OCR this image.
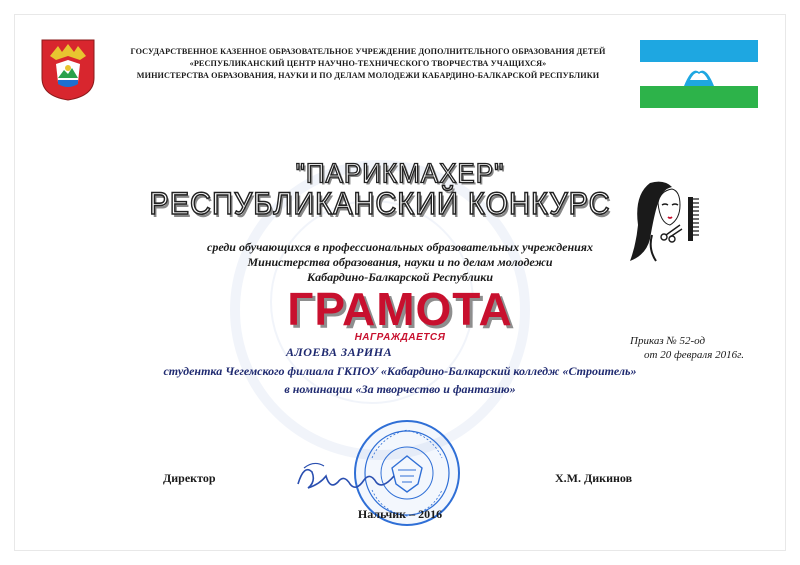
ГОСУДАРСТВЕННОЕ КАЗЕННОЕ ОБРАЗОВАТЕЛЬНОЕ УЧРЕЖДЕНИЕ ДОПОЛНИТЕЛЬНОГО ОБРАЗОВАНИЯ ДЕТЕЙ
«РЕСПУБЛИКАНСКИЙ ЦЕНТР НАУЧНО-ТЕХНИЧЕСКОГО ТВОРЧЕСТВА УЧАЩИХСЯ»
МИНИСТЕРСТВА ОБРАЗОВАНИЯ, НАУКИ И ПО ДЕЛАМ МОЛОДЕЖИ КАБАРДИНО-БАЛКАРСКОЙ РЕСПУБЛИКИ
"ПАРИКМАХЕР"
РЕСПУБЛИКАНСКИЙ КОНКУРС
среди обучающихся в профессиональных образовательных учреждениях
Министерства образования, науки и по делам молодежи
Кабардино-Балкарской Республики
ГРАМОТА
НАГРАЖДАЕТСЯ
АЛОЕВА ЗАРИНА
Приказ № 52-од
от 20 февраля 2016г.
студентка Чегемского филиала ГКПОУ «Кабардино-Балкарский колледж «Строитель»
в номинации «За творчество и фантазию»
Директор	Х.М. Дикинов
Нальчик – 2016
